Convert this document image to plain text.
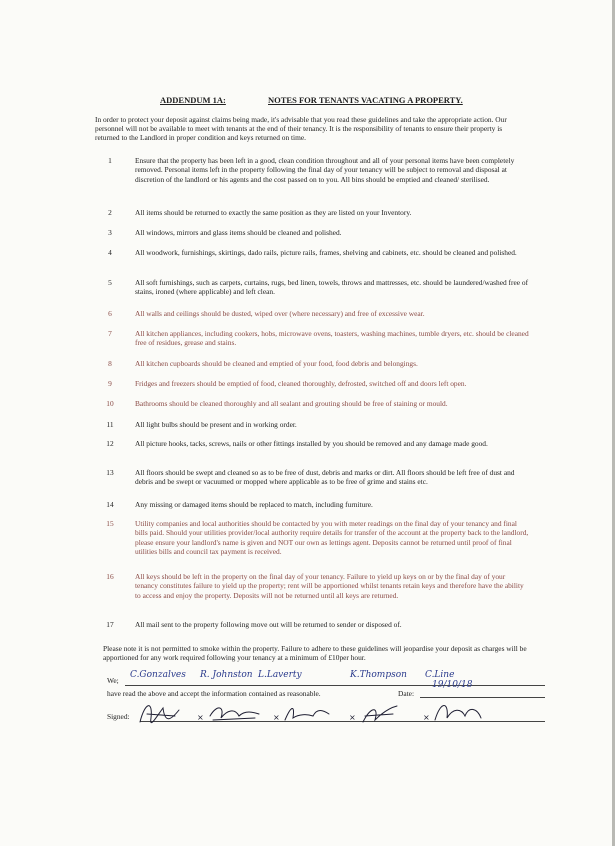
ADDENDUM 1A:	NOTES FOR TENANTS VACATING A PROPERTY.
In order to protect your deposit against claims being made, it's advisable that you read these guidelines and take the appropriate action. Our personnel will not be available to meet with tenants at the end of their tenancy. It is the responsibility of tenants to ensure their property is returned to the Landlord in proper condition and keys returned on time.
1	Ensure that the property has been left in a good, clean condition throughout and all of your personal items have been completely removed. Personal items left in the property following the final day of your tenancy will be subject to removal and disposal at discretion of the landlord or his agents and the cost passed on to you. All bins should be emptied and cleaned/ sterilised.
2	All items should be returned to exactly the same position as they are listed on your Inventory.
3	All windows, mirrors and glass items should be cleaned and polished.
4	All woodwork, furnishings, skirtings, dado rails, picture rails, frames, shelving and cabinets, etc. should be cleaned and polished.
5	All soft furnishings, such as carpets, curtains, rugs, bed linen, towels, throws and mattresses, etc. should be laundered/washed free of stains, ironed (where applicable) and left clean.
6	All walls and ceilings should be dusted, wiped over (where necessary) and free of excessive wear.
7	All kitchen appliances, including cookers, hobs, microwave ovens, toasters, washing machines, tumble dryers, etc. should be cleaned free of residues, grease and stains.
8	All kitchen cupboards should be cleaned and emptied of your food, food debris and belongings.
9	Fridges and freezers should be emptied of food, cleaned thoroughly, defrosted, switched off and doors left open.
10	Bathrooms should be cleaned thoroughly and all sealant and grouting should be free of staining or mould.
11	All light bulbs should be present and in working order.
12	All picture hooks, tacks, screws, nails or other fittings installed by you should be removed and any damage made good.
13	All floors should be swept and cleaned so as to be free of dust, debris and marks or dirt. All floors should be left free of dust and debris and be swept or vacuumed or mopped where applicable as to be free of grime and stains etc.
14	Any missing or damaged items should be replaced to match, including furniture.
15	Utility companies and local authorities should be contacted by you with meter readings on the final day of your tenancy and final bills paid. Should your utilities provider/local authority require details for transfer of the account at the property back to the landlord, please ensure your landlord's name is given and NOT our own as lettings agent. Deposits cannot be returned until proof of final utilities bills and council tax payment is received.
16	All keys should be left in the property on the final day of your tenancy. Failure to yield up keys on or by the final day of your tenancy constitutes failure to yield up the property; rent will be apportioned whilst tenants retain keys and therefore have the ability to access and enjoy the property. Deposits will not be returned until all keys are returned.
17	All mail sent to the property following move out will be returned to sender or disposed of.
Please note it is not permitted to smoke within the property. Failure to adhere to these guidelines will jeopardise your deposit as charges will be apportioned for any work required following your tenancy at a minimum of £10per hour.
We;
C.Gonzalves R. Johnston L.Laverty	K.Thompson C.Line
have read the above and accept the information contained as reasonable.	Date:
19/10/18
Signed:	×	×	×	×
